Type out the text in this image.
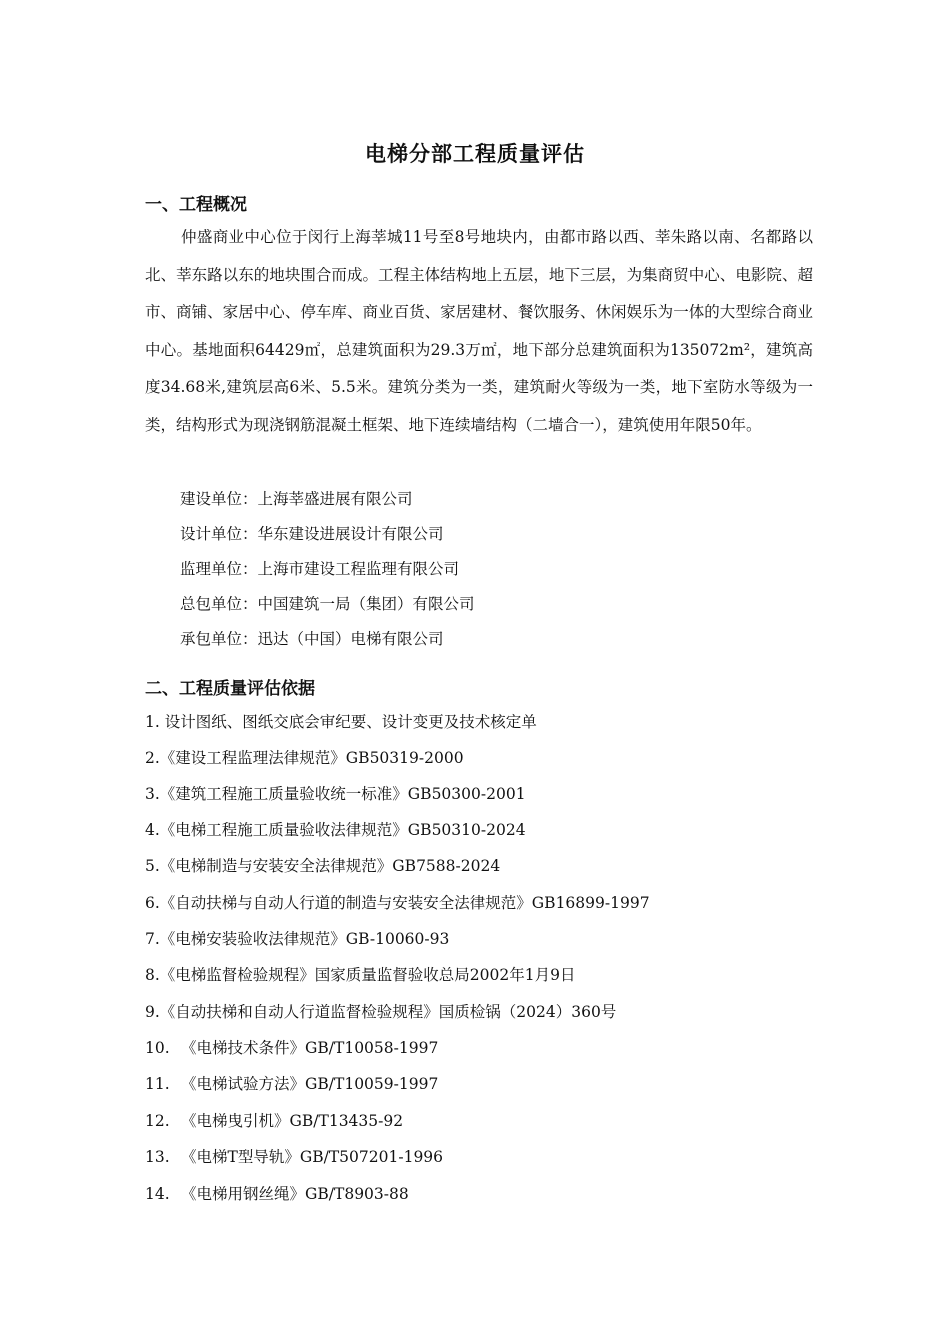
电梯分部工程质量评估
一、工程概况
仲盛商业中心位于闵行上海莘城11号至8号地块内，由都市路以西、莘朱路以南、名都路以北、莘东路以东的地块围合而成。工程主体结构地上五层，地下三层，为集商贸中心、电影院、超市、商铺、家居中心、停车库、商业百货、家居建材、餐饮服务、休闲娱乐为一体的大型综合商业中心。基地面积64429㎡，总建筑面积为29.3万㎡，地下部分总建筑面积为135072m²，建筑高度34.68米,建筑层高6米、5.5米。建筑分类为一类，建筑耐火等级为一类，地下室防水等级为一类，结构形式为现浇钢筋混凝土框架、地下连续墙结构（二墙合一），建筑使用年限50年。
建设单位：上海莘盛进展有限公司
设计单位：华东建设进展设计有限公司
监理单位：上海市建设工程监理有限公司
总包单位：中国建筑一局（集团）有限公司
承包单位：迅达（中国）电梯有限公司
二、工程质量评估依据
1. 设计图纸、图纸交底会审纪要、设计变更及技术核定单
2.《建设工程监理法律规范》GB50319-2000
3.《建筑工程施工质量验收统一标准》GB50300-2001
4.《电梯工程施工质量验收法律规范》GB50310-2024
5.《电梯制造与安装安全法律规范》GB7588-2024
6.《自动扶梯与自动人行道的制造与安装安全法律规范》GB16899-1997
7.《电梯安装验收法律规范》GB-10060-93
8.《电梯监督检验规程》国家质量监督验收总局2002年1月9日
9.《自动扶梯和自动人行道监督检验规程》国质检锅（2024）360号
10. 《电梯技术条件》GB/T10058-1997
11. 《电梯试验方法》GB/T10059-1997
12. 《电梯曳引机》GB/T13435-92
13. 《电梯T型导轨》GB/T507201-1996
14. 《电梯用钢丝绳》GB/T8903-88
